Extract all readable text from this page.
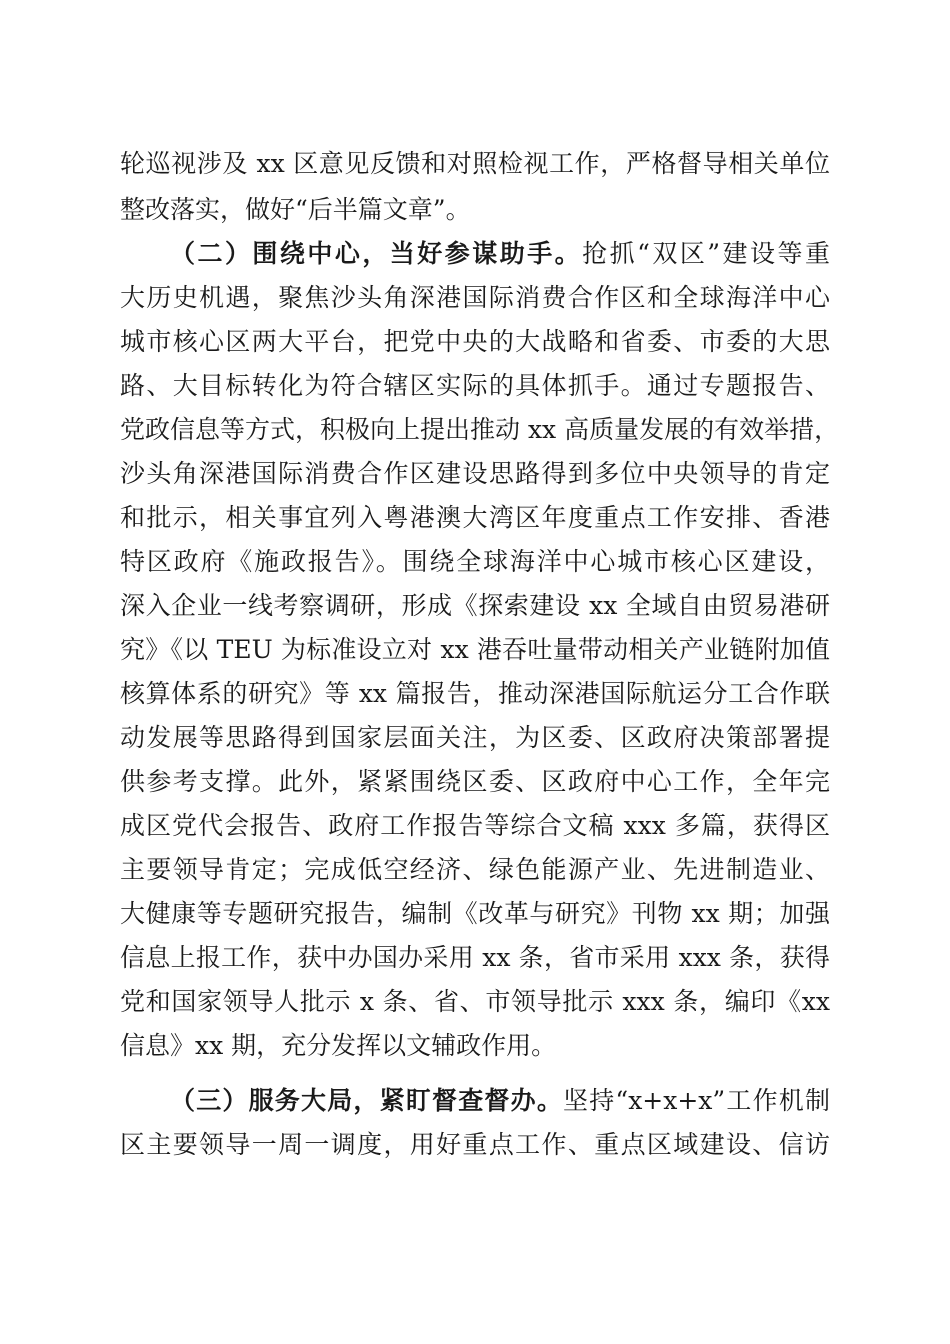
轮巡视涉及 xx 区意见反馈和对照检视工作，严格督导相关单位
整改落实，做好“后半篇文章”。
（二）围绕中心，当好参谋助手。抢抓“双区”建设等重
大历史机遇，聚焦沙头角深港国际消费合作区和全球海洋中心
城市核心区两大平台，把党中央的大战略和省委、市委的大思
路、大目标转化为符合辖区实际的具体抓手。通过专题报告、
党政信息等方式，积极向上提出推动 xx 高质量发展的有效举措，
沙头角深港国际消费合作区建设思路得到多位中央领导的肯定
和批示，相关事宜列入粤港澳大湾区年度重点工作安排、香港
特区政府《施政报告》。围绕全球海洋中心城市核心区建设，
深入企业一线考察调研，形成《探索建设 xx 全域自由贸易港研
究》《以 TEU 为标准设立对 xx 港吞吐量带动相关产业链附加值
核算体系的研究》等 xx 篇报告，推动深港国际航运分工合作联
动发展等思路得到国家层面关注，为区委、区政府决策部署提
供参考支撑。此外，紧紧围绕区委、区政府中心工作，全年完
成区党代会报告、政府工作报告等综合文稿 xxx 多篇，获得区
主要领导肯定；完成低空经济、绿色能源产业、先进制造业、
大健康等专题研究报告，编制《改革与研究》刊物 xx 期；加强
信息上报工作，获中办国办采用 xx 条，省市采用 xxx 条，获得
党和国家领导人批示 x 条、省、市领导批示 xxx 条，编印《xx
信息》xx 期，充分发挥以文辅政作用。
（三）服务大局，紧盯督查督办。坚持“x+x+x”工作机制
区主要领导一周一调度，用好重点工作、重点区域建设、信访
